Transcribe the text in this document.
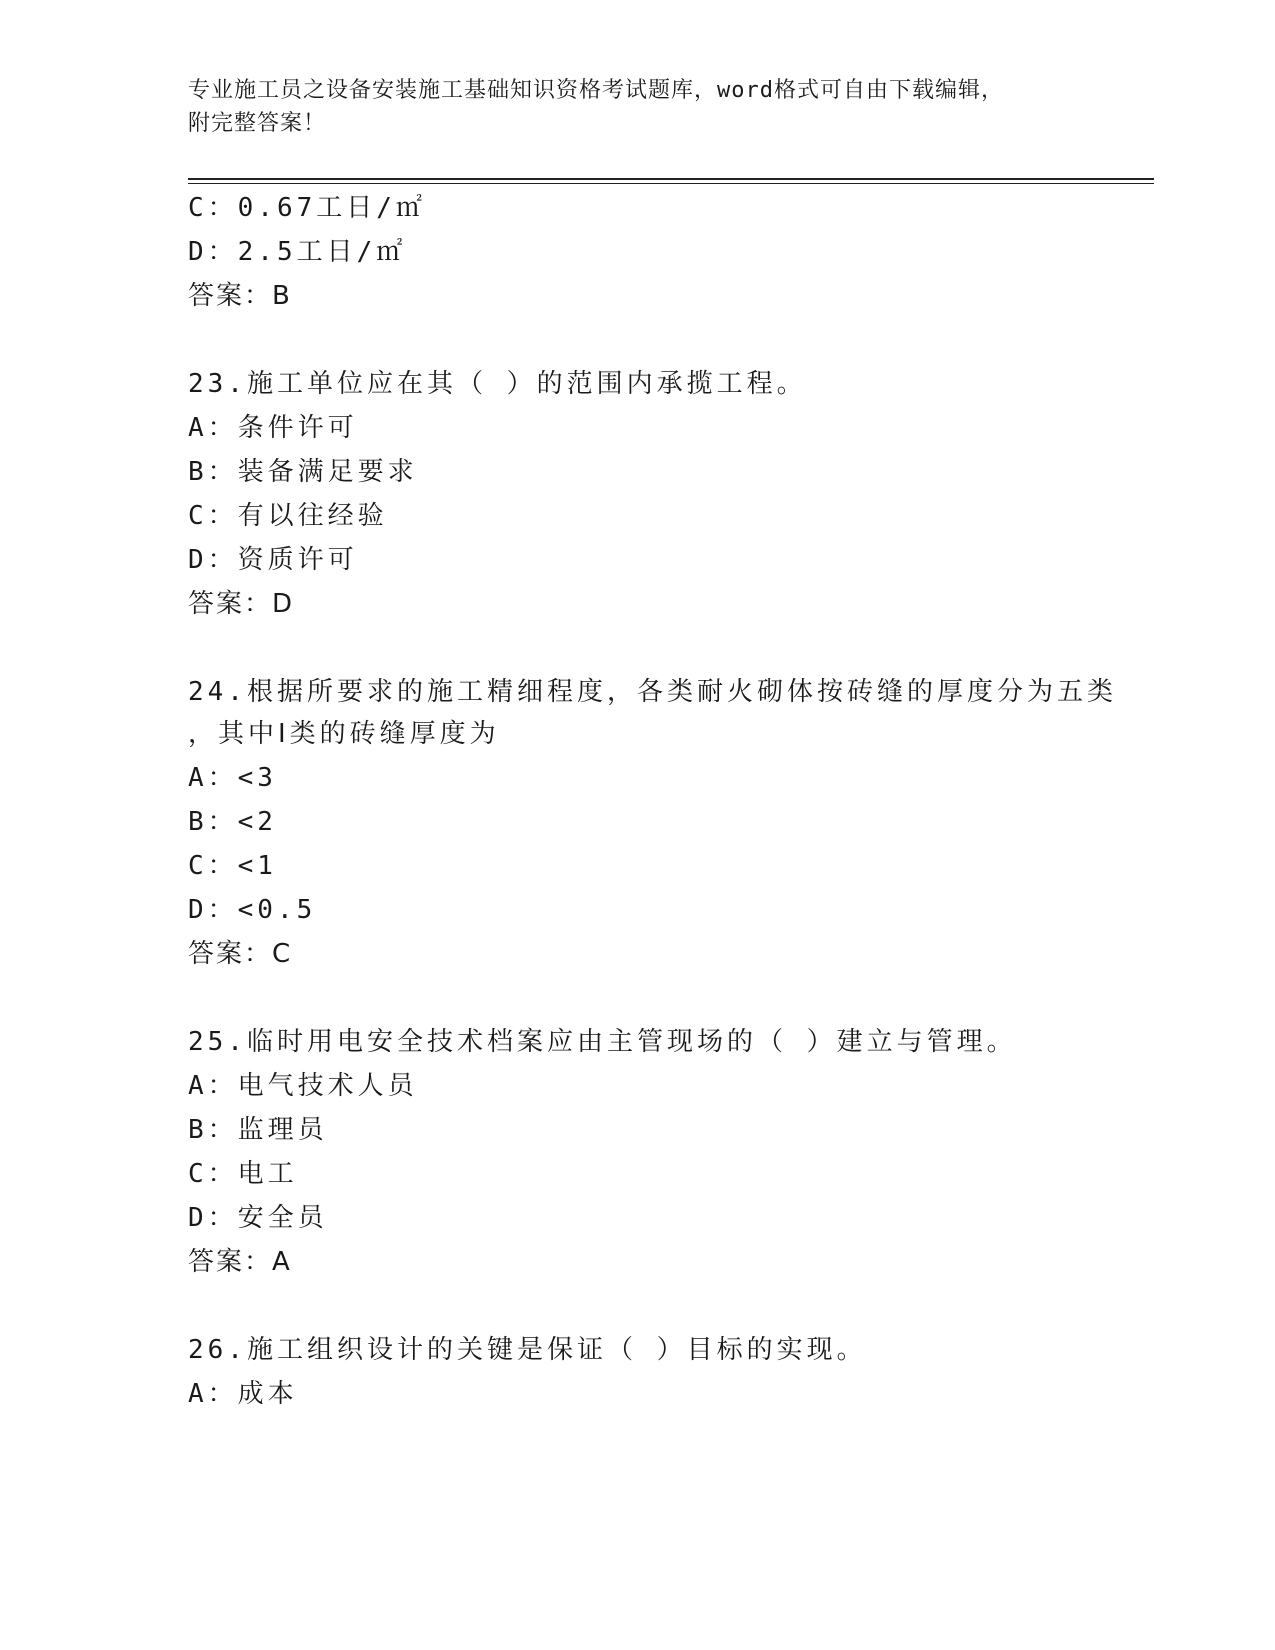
专业施工员之设备安装施工基础知识资格考试题库，word格式可自由下载编辑，
附完整答案！
C：0.67工日/㎡
D：2.5工日/㎡
答案：B
23.施工单位应在其（ ）的范围内承揽工程。
A：条件许可
B：装备满足要求
C：有以往经验
D：资质许可
答案：D
24.根据所要求的施工精细程度，各类耐火砌体按砖缝的厚度分为五类
，其中Ⅰ类的砖缝厚度为
A：<3
B：<2
C：<1
D：<0.5
答案：C
25.临时用电安全技术档案应由主管现场的（ ）建立与管理。
A：电气技术人员
B：监理员
C：电工
D：安全员
答案：A
26.施工组织设计的关键是保证（ ）目标的实现。
A：成本
